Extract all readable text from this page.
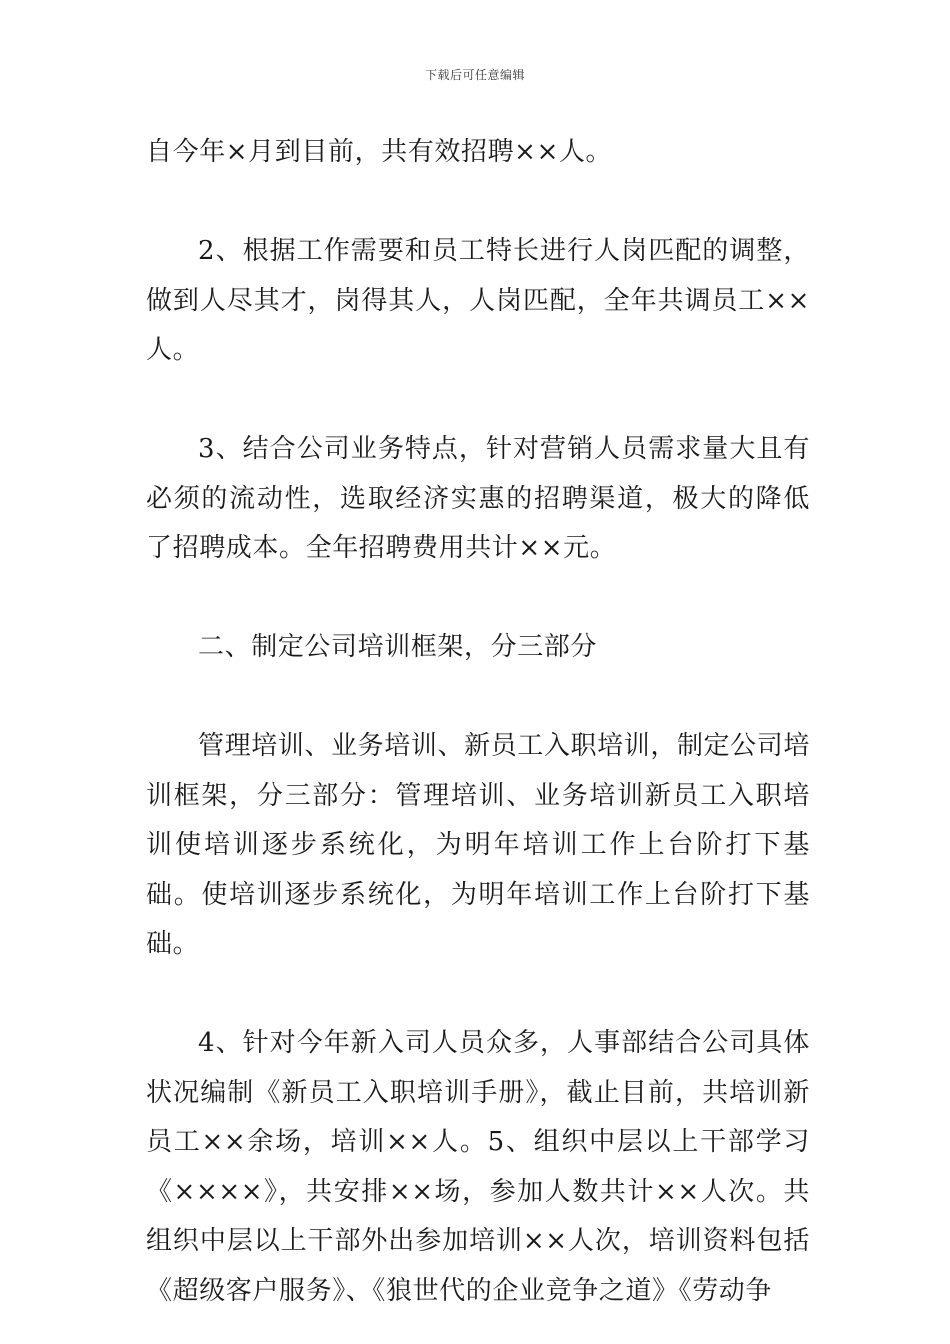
下载后可任意编辑

自今年×月到目前，共有效招聘××人。

2、根据工作需要和员工特长进行人岗匹配的调整，做到人尽其才，岗得其人，人岗匹配，全年共调员工××人。

3、结合公司业务特点，针对营销人员需求量大且有必须的流动性，选取经济实惠的招聘渠道，极大的降低了招聘成本。全年招聘费用共计××元。

二、制定公司培训框架，分三部分

管理培训、业务培训、新员工入职培训，制定公司培训框架，分三部分：管理培训、业务培训新员工入职培训使培训逐步系统化，为明年培训工作上台阶打下基础。使培训逐步系统化，为明年培训工作上台阶打下基础。

4、针对今年新入司人员众多，人事部结合公司具体状况编制《新员工入职培训手册》，截止目前，共培训新员工××余场，培训××人。5、组织中层以上干部学习《××××》，共安排××场，参加人数共计××人次。共组织中层以上干部外出参加培训××人次，培训资料包括《超级客户服务》、《狼世代的企业竞争之道》《劳动争
